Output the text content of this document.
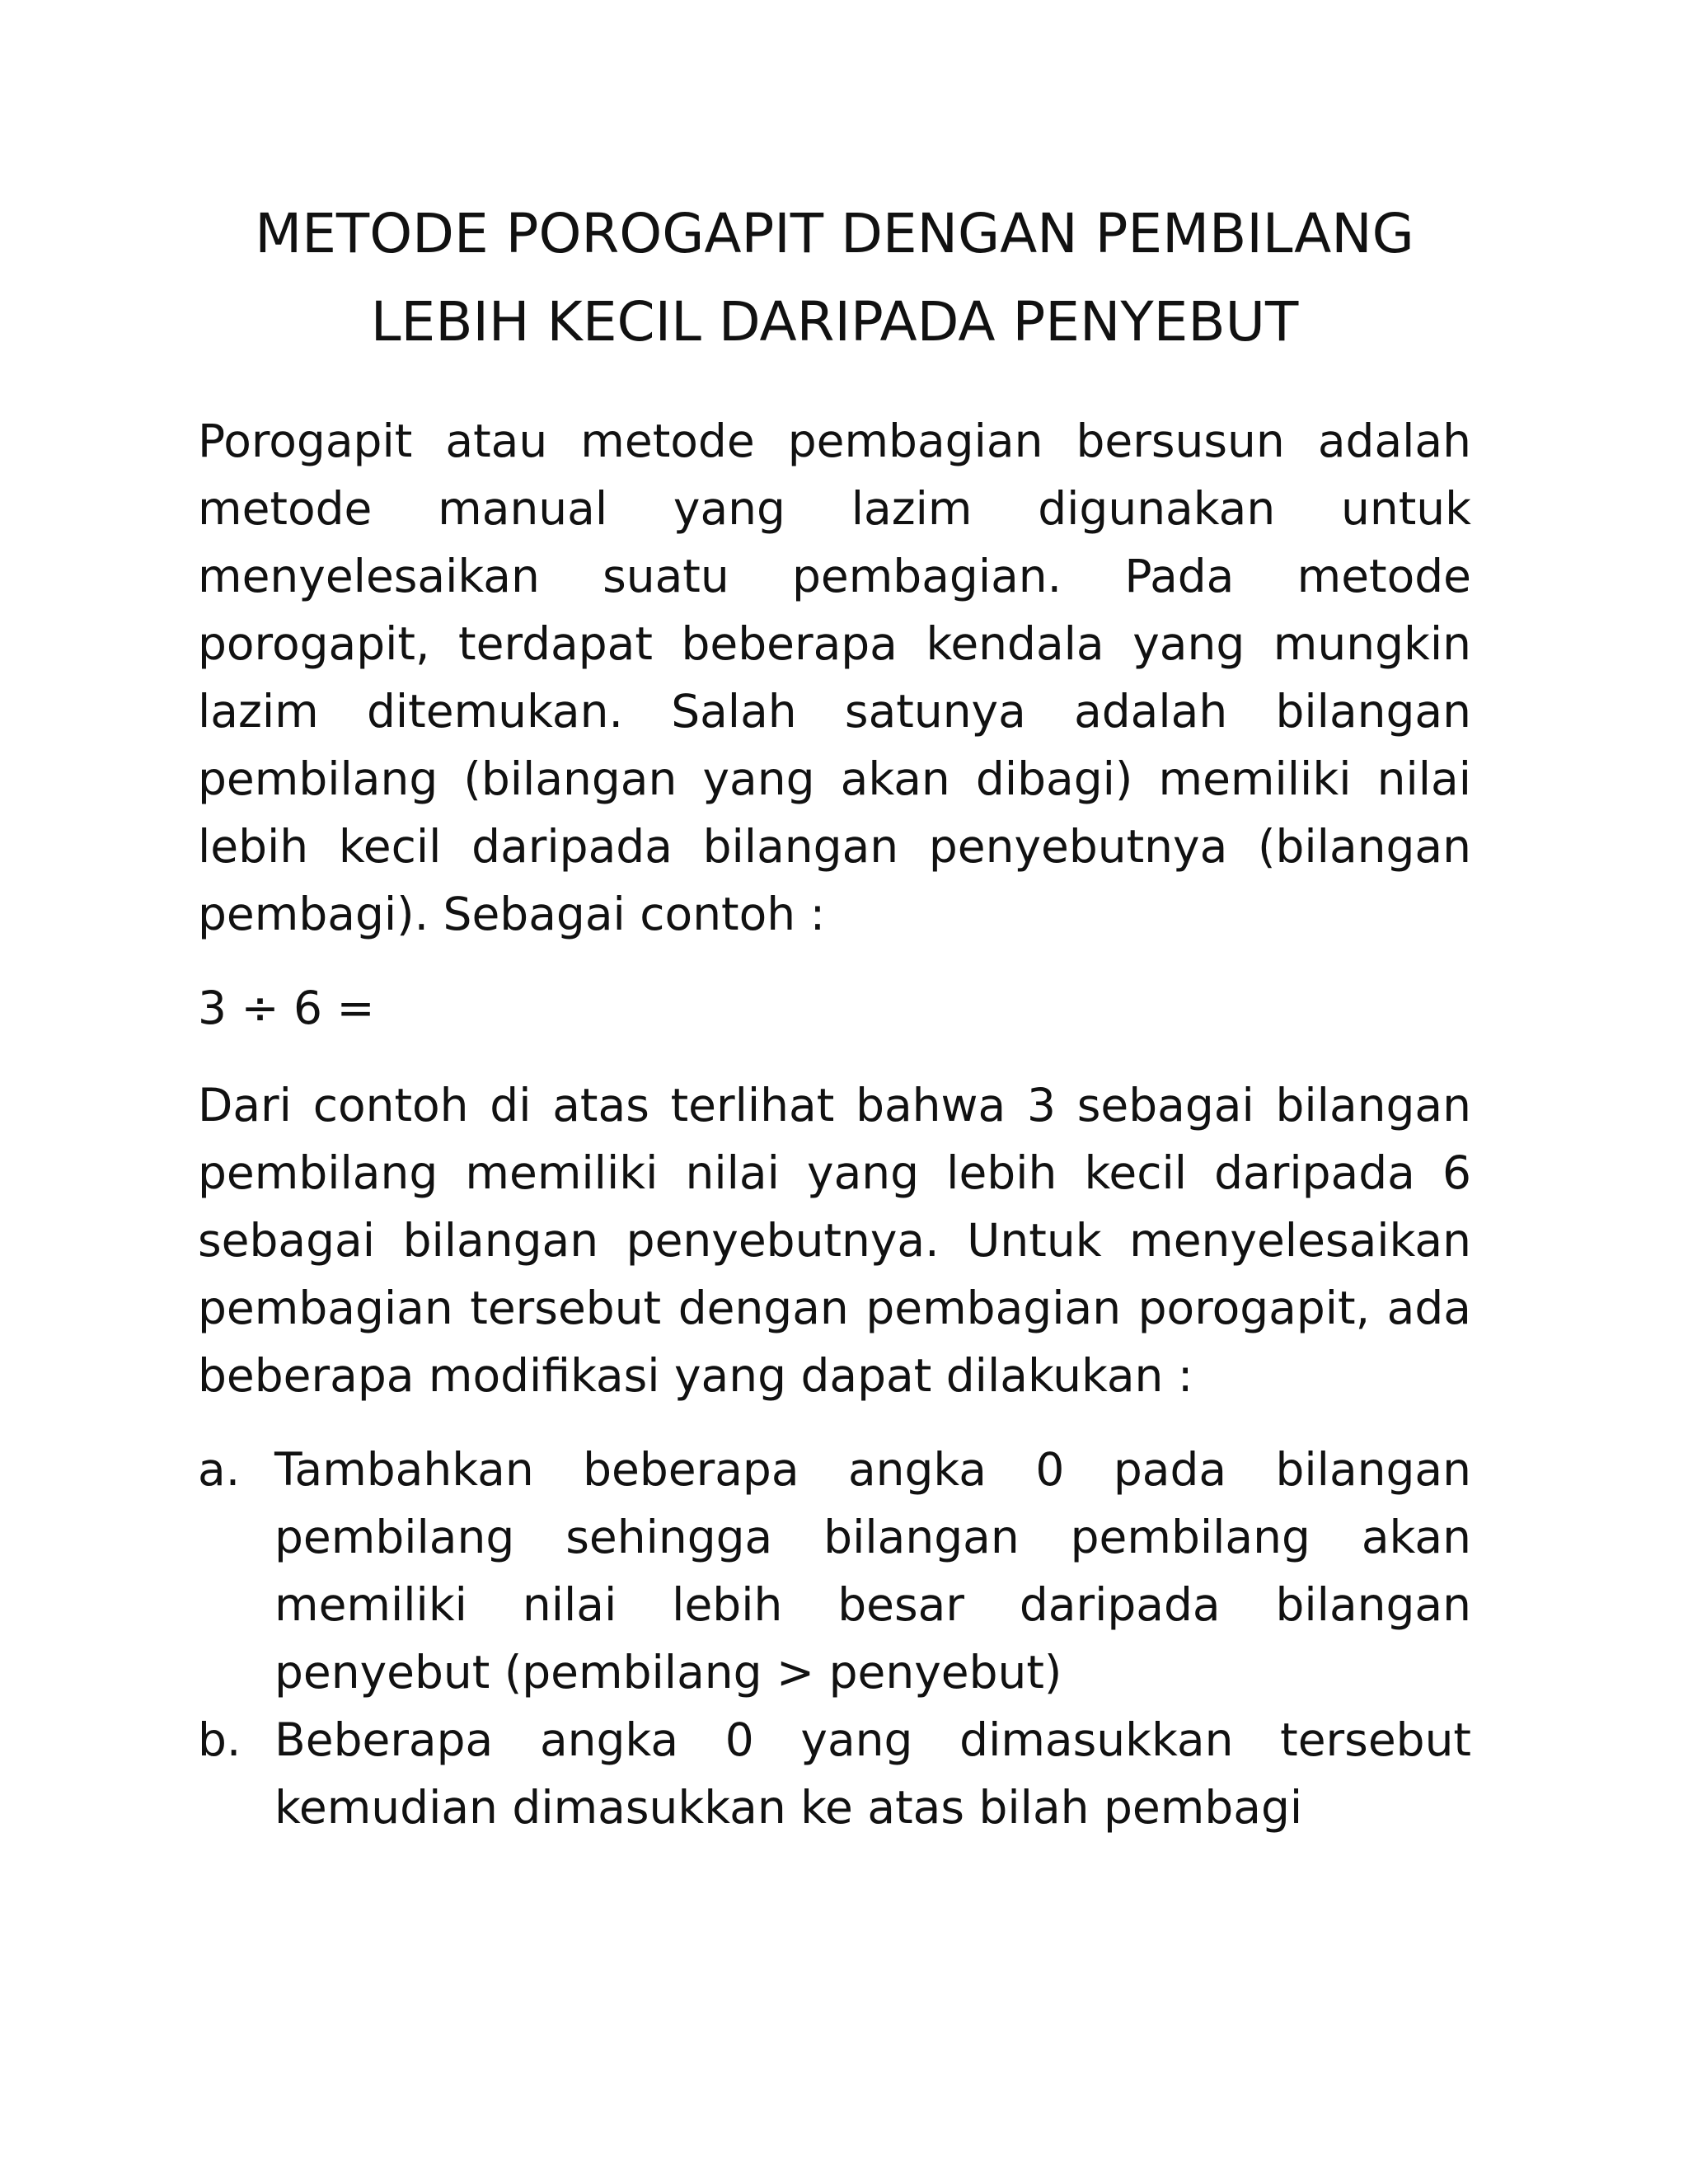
METODE POROGAPIT DENGAN PEMBILANG
LEBIH KECIL DARIPADA PENYEBUT

Porogapit atau metode pembagian bersusun adalah metode manual yang lazim digunakan untuk menyelesaikan suatu pembagian. Pada metode porogapit, terdapat beberapa kendala yang mungkin lazim ditemukan. Salah satunya adalah bilangan pembilang (bilangan yang akan dibagi) memiliki nilai lebih kecil daripada bilangan penyebutnya (bilangan pembagi). Sebagai contoh :

3 ÷ 6 =

Dari contoh di atas terlihat bahwa 3 sebagai bilangan pembilang memiliki nilai yang lebih kecil daripada 6 sebagai bilangan penyebutnya. Untuk menyelesaikan pembagian tersebut dengan pembagian porogapit, ada beberapa modifikasi yang dapat dilakukan :

a. Tambahkan beberapa angka 0 pada bilangan pembilang sehingga bilangan pembilang akan memiliki nilai lebih besar daripada bilangan penyebut (pembilang > penyebut)
b. Beberapa angka 0 yang dimasukkan tersebut kemudian dimasukkan ke atas bilah pembagi
